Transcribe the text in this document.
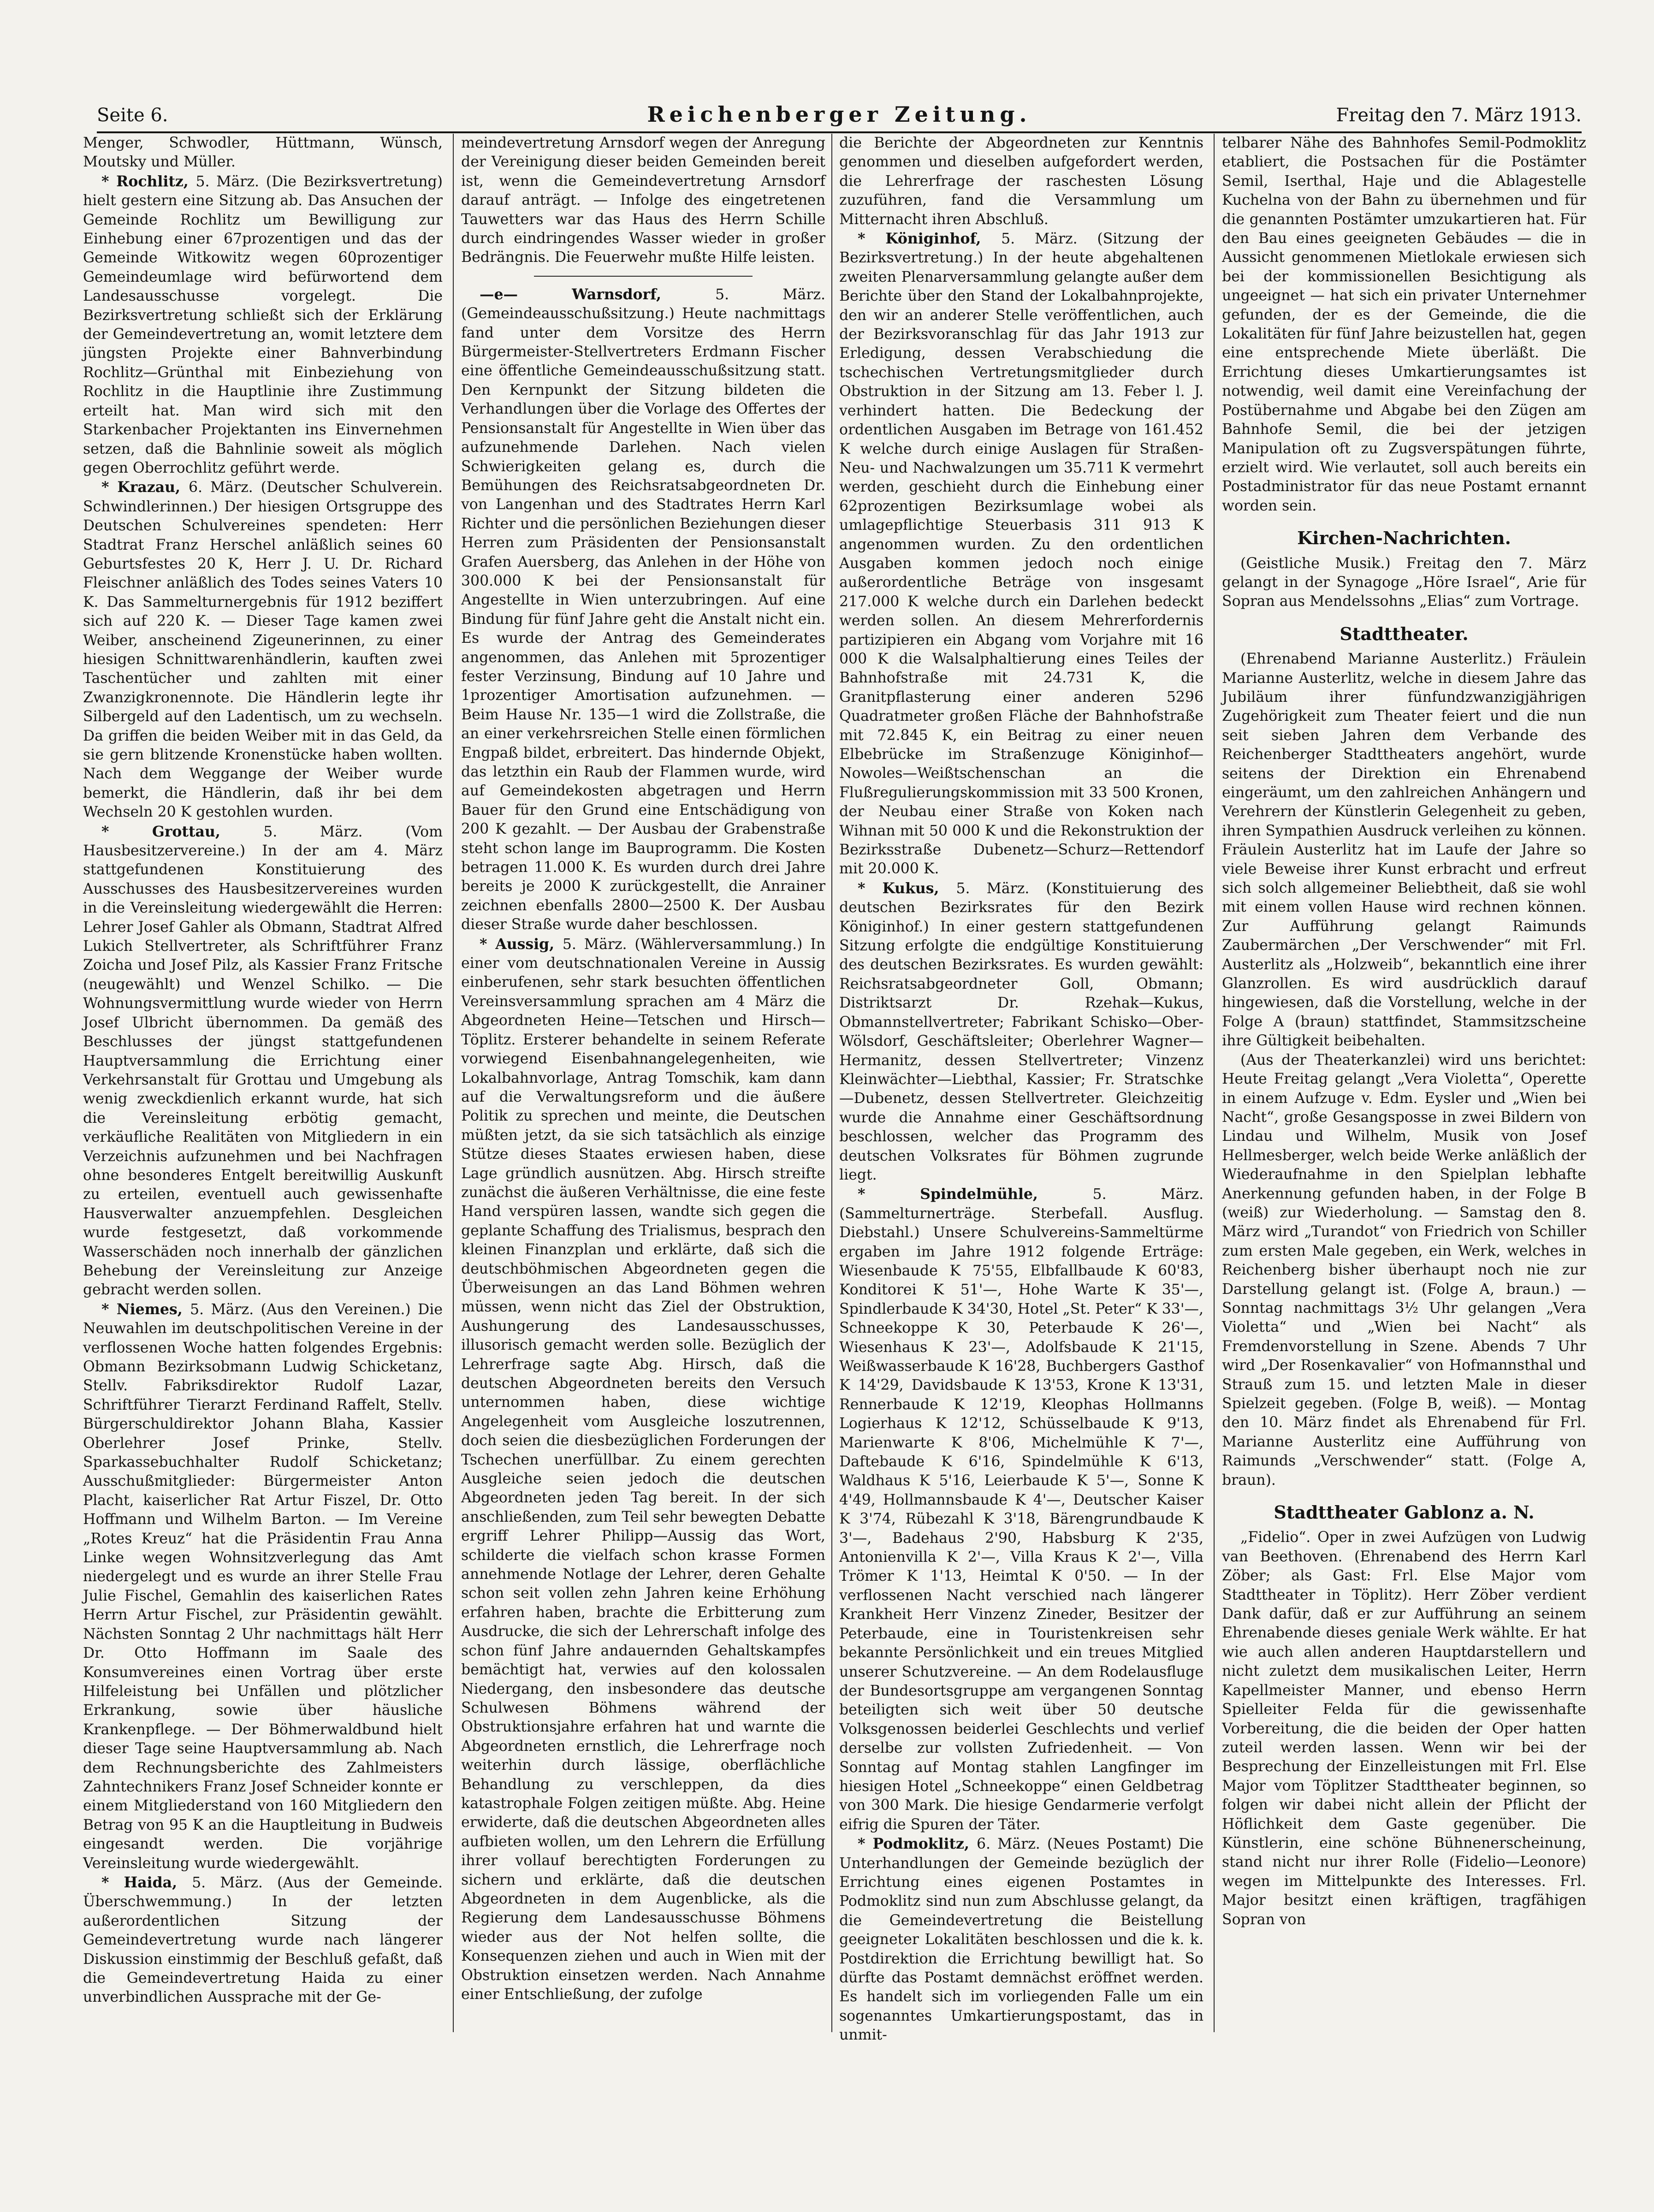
Seite 6.	Reichenberger Zeitung.	Freitag den 7. März 1913.

Menger, Schwodler, Hüttmann, Wünsch, Moutsky und Müller.

* Rochlitz, 5. März. (Die Bezirksvertretung) hielt gestern eine Sitzung ab. Das Ansuchen der Gemeinde Rochlitz um Bewilligung zur Einhebung einer 67prozentigen und das der Gemeinde Witkowitz wegen 60prozentiger Gemeindeumlage wird befürwortend dem Landesausschusse vorgelegt. Die Bezirksvertretung schließt sich der Erklärung der Gemeindevertretung an, womit letztere dem jüngsten Projekte einer Bahnverbindung Rochlitz—Grünthal mit Einbeziehung von Rochlitz in die Hauptlinie ihre Zustimmung erteilt hat. Man wird sich mit den Starkenbacher Projektanten ins Einvernehmen setzen, daß die Bahnlinie soweit als möglich gegen Oberrochlitz geführt werde.

* Krazau, 6. März. (Deutscher Schulverein. Schwindlerinnen.) Der hiesigen Ortsgruppe des Deutschen Schulvereines spendeten: Herr Stadtrat Franz Herschel anläßlich seines 60 Geburtsfestes 20 K, Herr J. U. Dr. Richard Fleischner anläßlich des Todes seines Vaters 10 K. Das Sammelturnergebnis für 1912 beziffert sich auf 220 K. — Dieser Tage kamen zwei Weiber, anscheinend Zigeunerinnen, zu einer hiesigen Schnittwarenhändlerin, kauften zwei Taschentücher und zahlten mit einer Zwanzigkronennote. Die Händlerin legte ihr Silbergeld auf den Ladentisch, um zu wechseln. Da griffen die beiden Weiber mit in das Geld, da sie gern blitzende Kronenstücke haben wollten. Nach dem Weggange der Weiber wurde bemerkt, die Händlerin, daß ihr bei dem Wechseln 20 K gestohlen wurden.

* Grottau, 5. März. (Vom Hausbesitzervereine.) In der am 4. März stattgefundenen Konstituierung des Ausschusses des Hausbesitzervereines wurden in die Vereinsleitung wiedergewählt die Herren: Lehrer Josef Gahler als Obmann, Stadtrat Alfred Lukich Stellvertreter, als Schriftführer Franz Zoicha und Josef Pilz, als Kassier Franz Fritsche (neugewählt) und Wenzel Schilko. — Die Wohnungsvermittlung wurde wieder von Herrn Josef Ulbricht übernommen. Da gemäß des Beschlusses der jüngst stattgefundenen Hauptversammlung die Errichtung einer Verkehrsanstalt für Grottau und Umgebung als wenig zweckdienlich erkannt wurde, hat sich die Vereinsleitung erbötig gemacht, verkäufliche Realitäten von Mitgliedern in ein Verzeichnis aufzunehmen und bei Nachfragen ohne besonderes Entgelt bereitwillig Auskunft zu erteilen, eventuell auch gewissenhafte Hausverwalter anzuempfehlen. Desgleichen wurde festgesetzt, daß vorkommende Wasserschäden noch innerhalb der gänzlichen Behebung der Vereinsleitung zur Anzeige gebracht werden sollen.

* Niemes, 5. März. (Aus den Vereinen.) Die Neuwahlen im deutschpolitischen Vereine in der verflossenen Woche hatten folgendes Ergebnis: Obmann Bezirksobmann Ludwig Schicketanz, Stellv. Fabriksdirektor Rudolf Lazar, Schriftführer Tierarzt Ferdinand Raffelt, Stellv. Bürgerschuldirektor Johann Blaha, Kassier Oberlehrer Josef Prinke, Stellv. Sparkassebuchhalter Rudolf Schicketanz; Ausschußmitglieder: Bürgermeister Anton Placht, kaiserlicher Rat Artur Fiszel, Dr. Otto Hoffmann und Wilhelm Barton. — Im Vereine „Rotes Kreuz“ hat die Präsidentin Frau Anna Linke wegen Wohnsitzverlegung das Amt niedergelegt und es wurde an ihrer Stelle Frau Julie Fischel, Gemahlin des kaiserlichen Rates Herrn Artur Fischel, zur Präsidentin gewählt. Nächsten Sonntag 2 Uhr nachmittags hält Herr Dr. Otto Hoffmann im Saale des Konsumvereines einen Vortrag über erste Hilfeleistung bei Unfällen und plötzlicher Erkrankung, sowie über häusliche Krankenpflege. — Der Böhmerwaldbund hielt dieser Tage seine Hauptversammlung ab. Nach dem Rechnungsberichte des Zahlmeisters Zahntechnikers Franz Josef Schneider konnte er einem Mitgliederstand von 160 Mitgliedern den Betrag von 95 K an die Hauptleitung in Budweis eingesandt werden. Die vorjährige Vereinsleitung wurde wiedergewählt.

* Haida, 5. März. (Aus der Gemeinde. Überschwemmung.) In der letzten außerordentlichen Sitzung der Gemeindevertretung wurde nach längerer Diskussion einstimmig der Beschluß gefaßt, daß die Gemeindevertretung Haida zu einer unverbindlichen Aussprache mit der Ge-

meindevertretung Arnsdorf wegen der Anregung der Vereinigung dieser beiden Gemeinden bereit ist, wenn die Gemeindevertretung Arnsdorf darauf anträgt. — Infolge des eingetretenen Tauwetters war das Haus des Herrn Schille durch eindringendes Wasser wieder in großer Bedrängnis. Die Feuerwehr mußte Hilfe leisten.

—e— Warnsdorf, 5. März. (Gemeindeausschußsitzung.) Heute nachmittags fand unter dem Vorsitze des Herrn Bürgermeister-Stellvertreters Erdmann Fischer eine öffentliche Gemeindeausschußsitzung statt. Den Kernpunkt der Sitzung bildeten die Verhandlungen über die Vorlage des Offertes der Pensionsanstalt für Angestellte in Wien über das aufzunehmende Darlehen. Nach vielen Schwierigkeiten gelang es, durch die Bemühungen des Reichsratsabgeordneten Dr. von Langenhan und des Stadtrates Herrn Karl Richter und die persönlichen Beziehungen dieser Herren zum Präsidenten der Pensionsanstalt Grafen Auersberg, das Anlehen in der Höhe von 300.000 K bei der Pensionsanstalt für Angestellte in Wien unterzubringen. Auf eine Bindung für fünf Jahre geht die Anstalt nicht ein. Es wurde der Antrag des Gemeinderates angenommen, das Anlehen mit 5prozentiger fester Verzinsung, Bindung auf 10 Jahre und 1prozentiger Amortisation aufzunehmen. — Beim Hause Nr. 135—1 wird die Zollstraße, die an einer verkehrsreichen Stelle einen förmlichen Engpaß bildet, erbreitert. Das hindernde Objekt, das letzthin ein Raub der Flammen wurde, wird auf Gemeindekosten abgetragen und Herrn Bauer für den Grund eine Entschädigung von 200 K gezahlt. — Der Ausbau der Grabenstraße steht schon lange im Bauprogramm. Die Kosten betragen 11.000 K. Es wurden durch drei Jahre bereits je 2000 K zurückgestellt, die Anrainer zeichnen ebenfalls 2800—2500 K. Der Ausbau dieser Straße wurde daher beschlossen.

* Aussig, 5. März. (Wählerversammlung.) In einer vom deutschnationalen Vereine in Aussig einberufenen, sehr stark besuchten öffentlichen Vereinsversammlung sprachen am 4 März die Abgeordneten Heine—Tetschen und Hirsch—Töplitz. Ersterer behandelte in seinem Referate vorwiegend Eisenbahnangelegenheiten, wie Lokalbahnvorlage, Antrag Tomschik, kam dann auf die Verwaltungsreform und die äußere Politik zu sprechen und meinte, die Deutschen müßten jetzt, da sie sich tatsächlich als einzige Stütze dieses Staates erwiesen haben, diese Lage gründlich ausnützen. Abg. Hirsch streifte zunächst die äußeren Verhältnisse, die eine feste Hand verspüren lassen, wandte sich gegen die geplante Schaffung des Trialismus, besprach den kleinen Finanzplan und erklärte, daß sich die deutschböhmischen Abgeordneten gegen die Überweisungen an das Land Böhmen wehren müssen, wenn nicht das Ziel der Obstruktion, Aushungerung des Landesausschusses, illusorisch gemacht werden solle. Bezüglich der Lehrerfrage sagte Abg. Hirsch, daß die deutschen Abgeordneten bereits den Versuch unternommen haben, diese wichtige Angelegenheit vom Ausgleiche loszutrennen, doch seien die diesbezüglichen Forderungen der Tschechen unerfüllbar. Zu einem gerechten Ausgleiche seien jedoch die deutschen Abgeordneten jeden Tag bereit. In der sich anschließenden, zum Teil sehr bewegten Debatte ergriff Lehrer Philipp—Aussig das Wort, schilderte die vielfach schon krasse Formen annehmende Notlage der Lehrer, deren Gehalte schon seit vollen zehn Jahren keine Erhöhung erfahren haben, brachte die Erbitterung zum Ausdrucke, die sich der Lehrerschaft infolge des schon fünf Jahre andauernden Gehaltskampfes bemächtigt hat, verwies auf den kolossalen Niedergang, den insbesondere das deutsche Schulwesen Böhmens während der Obstruktionsjahre erfahren hat und warnte die Abgeordneten ernstlich, die Lehrerfrage noch weiterhin durch lässige, oberflächliche Behandlung zu verschleppen, da dies katastrophale Folgen zeitigen müßte. Abg. Heine erwiderte, daß die deutschen Abgeordneten alles aufbieten wollen, um den Lehrern die Erfüllung ihrer vollauf berechtigten Forderungen zu sichern und erklärte, daß die deutschen Abgeordneten in dem Augenblicke, als die Regierung dem Landesausschusse Böhmens wieder aus der Not helfen sollte, die Konsequenzen ziehen und auch in Wien mit der Obstruktion einsetzen werden. Nach Annahme einer Entschließung, der zufolge

die Berichte der Abgeordneten zur Kenntnis genommen und dieselben aufgefordert werden, die Lehrerfrage der raschesten Lösung zuzuführen, fand die Versammlung um Mitternacht ihren Abschluß.

* Königinhof, 5. März. (Sitzung der Bezirksvertretung.) In der heute abgehaltenen zweiten Plenarversammlung gelangte außer dem Berichte über den Stand der Lokalbahnprojekte, den wir an anderer Stelle veröffentlichen, auch der Bezirksvoranschlag für das Jahr 1913 zur Erledigung, dessen Verabschiedung die tschechischen Vertretungsmitglieder durch Obstruktion in der Sitzung am 13. Feber l. J. verhindert hatten. Die Bedeckung der ordentlichen Ausgaben im Betrage von 161.452 K welche durch einige Auslagen für Straßen-Neu- und Nachwalzungen um 35.711 K vermehrt werden, geschieht durch die Einhebung einer 62prozentigen Bezirksumlage wobei als umlagepflichtige Steuerbasis 311 913 K angenommen wurden. Zu den ordentlichen Ausgaben kommen jedoch noch einige außerordentliche Beträge von insgesamt 217.000 K welche durch ein Darlehen bedeckt werden sollen. An diesem Mehrerfordernis partizipieren ein Abgang vom Vorjahre mit 16 000 K die Walsalphaltierung eines Teiles der Bahnhofstraße mit 24.731 K, die Granitpflasterung einer anderen 5296 Quadratmeter großen Fläche der Bahnhofstraße mit 72.845 K, ein Beitrag zu einer neuen Elbebrücke im Straßenzuge Königinhof—Nowoles—Weißtschenschan an die Flußregulierungskommission mit 33 500 Kronen, der Neubau einer Straße von Koken nach Wihnan mit 50 000 K und die Rekonstruktion der Bezirksstraße Dubenetz—Schurz—Rettendorf mit 20.000 K.

* Kukus, 5. März. (Konstituierung des deutschen Bezirksrates für den Bezirk Königinhof.) In einer gestern stattgefundenen Sitzung erfolgte die endgültige Konstituierung des deutschen Bezirksrates. Es wurden gewählt: Reichsratsabgeordneter Goll, Obmann; Distriktsarzt Dr. Rzehak—Kukus, Obmannstellvertreter; Fabrikant Schisko—Ober-Wölsdorf, Geschäftsleiter; Oberlehrer Wagner—Hermanitz, dessen Stellvertreter; Vinzenz Kleinwächter—Liebthal, Kassier; Fr. Stratschke—Dubenetz, dessen Stellvertreter. Gleichzeitig wurde die Annahme einer Geschäftsordnung beschlossen, welcher das Programm des deutschen Volksrates für Böhmen zugrunde liegt.

* Spindelmühle, 5. März. (Sammelturnerträge. Sterbefall. Ausflug. Diebstahl.) Unsere Schulvereins-Sammeltürme ergaben im Jahre 1912 folgende Erträge: Wiesenbaude K 75'55, Elbfallbaude K 60'83, Konditorei K 51'—, Hohe Warte K 35'—, Spindlerbaude K 34'30, Hotel „St. Peter“ K 33'—, Schneekoppe K 30, Peterbaude K 26'—, Wiesenhaus K 23'—, Adolfsbaude K 21'15, Weißwasserbaude K 16'28, Buchbergers Gasthof K 14'29, Davidsbaude K 13'53, Krone K 13'31, Rennerbaude K 12'19, Kleophas Hollmanns Logierhaus K 12'12, Schüsselbaude K 9'13, Marienwarte K 8'06, Michelmühle K 7'—, Daftebaude K 6'16, Spindelmühle K 6'13, Waldhaus K 5'16, Leierbaude K 5'—, Sonne K 4'49, Hollmannsbaude K 4'—, Deutscher Kaiser K 3'74, Rübezahl K 3'18, Bärengrundbaude K 3'—, Badehaus 2'90, Habsburg K 2'35, Antonienvilla K 2'—, Villa Kraus K 2'—, Villa Trömer K 1'13, Heimtal K 0'50. — In der verflossenen Nacht verschied nach längerer Krankheit Herr Vinzenz Zineder, Besitzer der Peterbaude, eine in Touristenkreisen sehr bekannte Persönlichkeit und ein treues Mitglied unserer Schutzvereine. — An dem Rodelausfluge der Bundesortsgruppe am vergangenen Sonntag beteiligten sich weit über 50 deutsche Volksgenossen beiderlei Geschlechts und verlief derselbe zur vollsten Zufriedenheit. — Von Sonntag auf Montag stahlen Langfinger im hiesigen Hotel „Schneekoppe“ einen Geldbetrag von 300 Mark. Die hiesige Gendarmerie verfolgt eifrig die Spuren der Täter.

* Podmoklitz, 6. März. (Neues Postamt) Die Unterhandlungen der Gemeinde bezüglich der Errichtung eines eigenen Postamtes in Podmoklitz sind nun zum Abschlusse gelangt, da die Gemeindevertretung die Beistellung geeigneter Lokalitäten beschlossen und die k. k. Postdirektion die Errichtung bewilligt hat. So dürfte das Postamt demnächst eröffnet werden. Es handelt sich im vorliegenden Falle um ein sogenanntes Umkartierungspostamt, das in unmit-

telbarer Nähe des Bahnhofes Semil-Podmoklitz etabliert, die Postsachen für die Postämter Semil, Iserthal, Haje und die Ablagestelle Kuchelna von der Bahn zu übernehmen und für die genannten Postämter umzukartieren hat. Für den Bau eines geeigneten Gebäudes — die in Aussicht genommenen Mietlokale erwiesen sich bei der kommissionellen Besichtigung als ungeeignet — hat sich ein privater Unternehmer gefunden, der es der Gemeinde, die die Lokalitäten für fünf Jahre beizustellen hat, gegen eine entsprechende Miete überläßt. Die Errichtung dieses Umkartierungsamtes ist notwendig, weil damit eine Vereinfachung der Postübernahme und Abgabe bei den Zügen am Bahnhofe Semil, die bei der jetzigen Manipulation oft zu Zugsverspätungen führte, erzielt wird. Wie verlautet, soll auch bereits ein Postadministrator für das neue Postamt ernannt worden sein.

Kirchen-Nachrichten.

(Geistliche Musik.) Freitag den 7. März gelangt in der Synagoge „Höre Israel“, Arie für Sopran aus Mendelssohns „Elias“ zum Vortrage.

Stadttheater.

(Ehrenabend Marianne Austerlitz.) Fräulein Marianne Austerlitz, welche in diesem Jahre das Jubiläum ihrer fünfundzwanzigjährigen Zugehörigkeit zum Theater feiert und die nun seit sieben Jahren dem Verbande des Reichenberger Stadttheaters angehört, wurde seitens der Direktion ein Ehrenabend eingeräumt, um den zahlreichen Anhängern und Verehrern der Künstlerin Gelegenheit zu geben, ihren Sympathien Ausdruck verleihen zu können. Fräulein Austerlitz hat im Laufe der Jahre so viele Beweise ihrer Kunst erbracht und erfreut sich solch allgemeiner Beliebtheit, daß sie wohl mit einem vollen Hause wird rechnen können. Zur Aufführung gelangt Raimunds Zaubermärchen „Der Verschwender“ mit Frl. Austerlitz als „Holzweib“, bekanntlich eine ihrer Glanzrollen. Es wird ausdrücklich darauf hingewiesen, daß die Vorstellung, welche in der Folge A (braun) stattfindet, Stammsitzscheine ihre Gültigkeit beibehalten.

(Aus der Theaterkanzlei) wird uns berichtet: Heute Freitag gelangt „Vera Violetta“, Operette in einem Aufzuge v. Edm. Eysler und „Wien bei Nacht“, große Gesangsposse in zwei Bildern von Lindau und Wilhelm, Musik von Josef Hellmesberger, welch beide Werke anläßlich der Wiederaufnahme in den Spielplan lebhafte Anerkennung gefunden haben, in der Folge B (weiß) zur Wiederholung. — Samstag den 8. März wird „Turandot“ von Friedrich von Schiller zum ersten Male gegeben, ein Werk, welches in Reichenberg bisher überhaupt noch nie zur Darstellung gelangt ist. (Folge A, braun.) — Sonntag nachmittags 3½ Uhr gelangen „Vera Violetta“ und „Wien bei Nacht“ als Fremdenvorstellung in Szene. Abends 7 Uhr wird „Der Rosenkavalier“ von Hofmannsthal und Strauß zum 15. und letzten Male in dieser Spielzeit gegeben. (Folge B, weiß). — Montag den 10. März findet als Ehrenabend für Frl. Marianne Austerlitz eine Aufführung von Raimunds „Verschwender“ statt. (Folge A, braun).

Stadttheater Gablonz a. N.

„Fidelio“. Oper in zwei Aufzügen von Ludwig van Beethoven. (Ehrenabend des Herrn Karl Zöber; als Gast: Frl. Else Major vom Stadttheater in Töplitz). Herr Zöber verdient Dank dafür, daß er zur Aufführung an seinem Ehrenabende dieses geniale Werk wählte. Er hat wie auch allen anderen Hauptdarstellern und nicht zuletzt dem musikalischen Leiter, Herrn Kapellmeister Manner, und ebenso Herrn Spielleiter Felda für die gewissenhafte Vorbereitung, die die beiden der Oper hatten zuteil werden lassen. Wenn wir bei der Besprechung der Einzelleistungen mit Frl. Else Major vom Töplitzer Stadttheater beginnen, so folgen wir dabei nicht allein der Pflicht der Höflichkeit dem Gaste gegenüber. Die Künstlerin, eine schöne Bühnenerscheinung, stand nicht nur ihrer Rolle (Fidelio—Leonore) wegen im Mittelpunkte des Interesses. Frl. Major besitzt einen kräftigen, tragfähigen Sopran von
